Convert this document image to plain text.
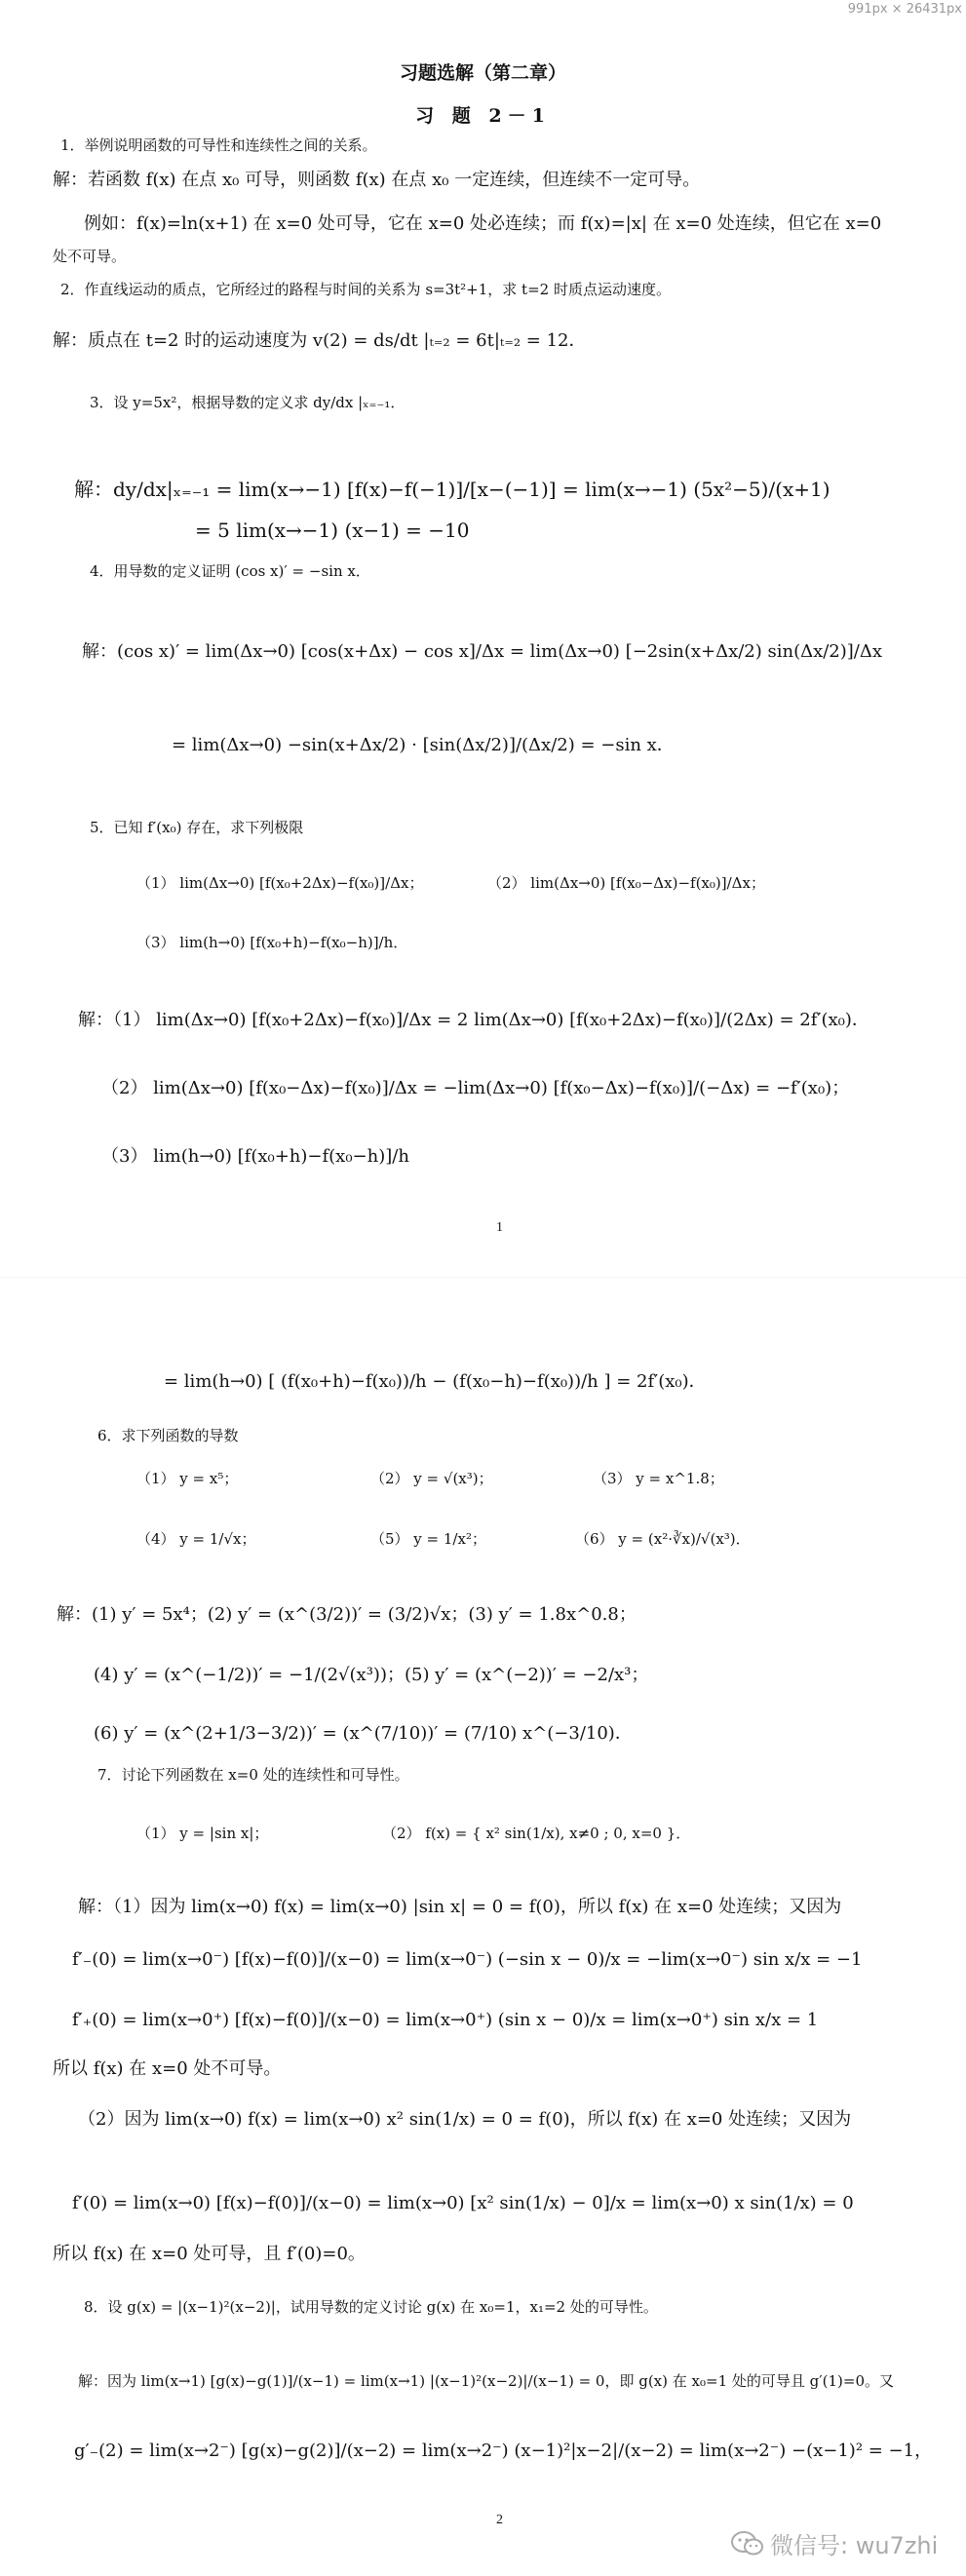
991px × 26431px
习题选解（第二章）
习 题 2－1
1．举例说明函数的可导性和连续性之间的关系。
解：若函数 f(x) 在点 x₀ 可导，则函数 f(x) 在点 x₀ 一定连续，但连续不一定可导。
例如：f(x)=ln(x+1) 在 x=0 处可导，它在 x=0 处必连续；而 f(x)=|x| 在 x=0 处连续，但它在 x=0
处不可导。
2．作直线运动的质点，它所经过的路程与时间的关系为 s=3t²+1，求 t=2 时质点运动速度。
解：质点在 t=2 时的运动速度为 v(2) = ds/dt |ₜ₌₂ = 6t|ₜ₌₂ = 12．
3．设 y=5x²，根据导数的定义求 dy/dx |ₓ₌₋₁．
解：dy/dx|ₓ₌₋₁ = lim(x→−1) [f(x)−f(−1)]/[x−(−1)] = lim(x→−1) (5x²−5)/(x+1)
= 5 lim(x→−1) (x−1) = −10
4．用导数的定义证明 (cos x)′ = −sin x．
解：(cos x)′ = lim(Δx→0) [cos(x+Δx) − cos x]/Δx = lim(Δx→0) [−2sin(x+Δx/2) sin(Δx/2)]/Δx
= lim(Δx→0) −sin(x+Δx/2) · [sin(Δx/2)]/(Δx/2) = −sin x．
5．已知 f′(x₀) 存在，求下列极限
（1） lim(Δx→0) [f(x₀+2Δx)−f(x₀)]/Δx；	（2） lim(Δx→0) [f(x₀−Δx)−f(x₀)]/Δx；
（3） lim(h→0) [f(x₀+h)−f(x₀−h)]/h．
解：（1） lim(Δx→0) [f(x₀+2Δx)−f(x₀)]/Δx = 2 lim(Δx→0) [f(x₀+2Δx)−f(x₀)]/(2Δx) = 2f′(x₀)．
（2） lim(Δx→0) [f(x₀−Δx)−f(x₀)]/Δx = −lim(Δx→0) [f(x₀−Δx)−f(x₀)]/(−Δx) = −f′(x₀)；
（3） lim(h→0) [f(x₀+h)−f(x₀−h)]/h
1
= lim(h→0) [ (f(x₀+h)−f(x₀))/h − (f(x₀−h)−f(x₀))/h ] = 2f′(x₀)．
6．求下列函数的导数
（1） y = x⁵；	（2） y = √(x³)；	（3） y = x^1.8；
（4） y = 1/√x；	（5） y = 1/x²；	（6） y = (x²·∛x)/√(x³)．
解：(1) y′ = 5x⁴；(2) y′ = (x^(3/2))′ = (3/2)√x；(3) y′ = 1.8x^0.8；
(4) y′ = (x^(−1/2))′ = −1/(2√(x³))；(5) y′ = (x^(−2))′ = −2/x³；
(6) y′ = (x^(2+1/3−3/2))′ = (x^(7/10))′ = (7/10) x^(−3/10)．
7．讨论下列函数在 x=0 处的连续性和可导性。
（1） y = |sin x|；	（2） f(x) = { x² sin(1/x), x≠0 ; 0, x=0 }．
解：（1）因为 lim(x→0) f(x) = lim(x→0) |sin x| = 0 = f(0)，所以 f(x) 在 x=0 处连续；又因为
f′₋(0) = lim(x→0⁻) [f(x)−f(0)]/(x−0) = lim(x→0⁻) (−sin x − 0)/x = −lim(x→0⁻) sin x/x = −1
f′₊(0) = lim(x→0⁺) [f(x)−f(0)]/(x−0) = lim(x→0⁺) (sin x − 0)/x = lim(x→0⁺) sin x/x = 1
所以 f(x) 在 x=0 处不可导。
（2）因为 lim(x→0) f(x) = lim(x→0) x² sin(1/x) = 0 = f(0)，所以 f(x) 在 x=0 处连续；又因为
f′(0) = lim(x→0) [f(x)−f(0)]/(x−0) = lim(x→0) [x² sin(1/x) − 0]/x = lim(x→0) x sin(1/x) = 0
所以 f(x) 在 x=0 处可导，且 f′(0)=0。
8．设 g(x) = |(x−1)²(x−2)|，试用导数的定义讨论 g(x) 在 x₀=1，x₁=2 处的可导性。
解：因为 lim(x→1) [g(x)−g(1)]/(x−1) = lim(x→1) |(x−1)²(x−2)|/(x−1) = 0，即 g(x) 在 x₀=1 处的可导且 g′(1)=0。又
g′₋(2) = lim(x→2⁻) [g(x)−g(2)]/(x−2) = lim(x→2⁻) (x−1)²|x−2|/(x−2) = lim(x→2⁻) −(x−1)² = −1，
2
微信号: wu7zhi
